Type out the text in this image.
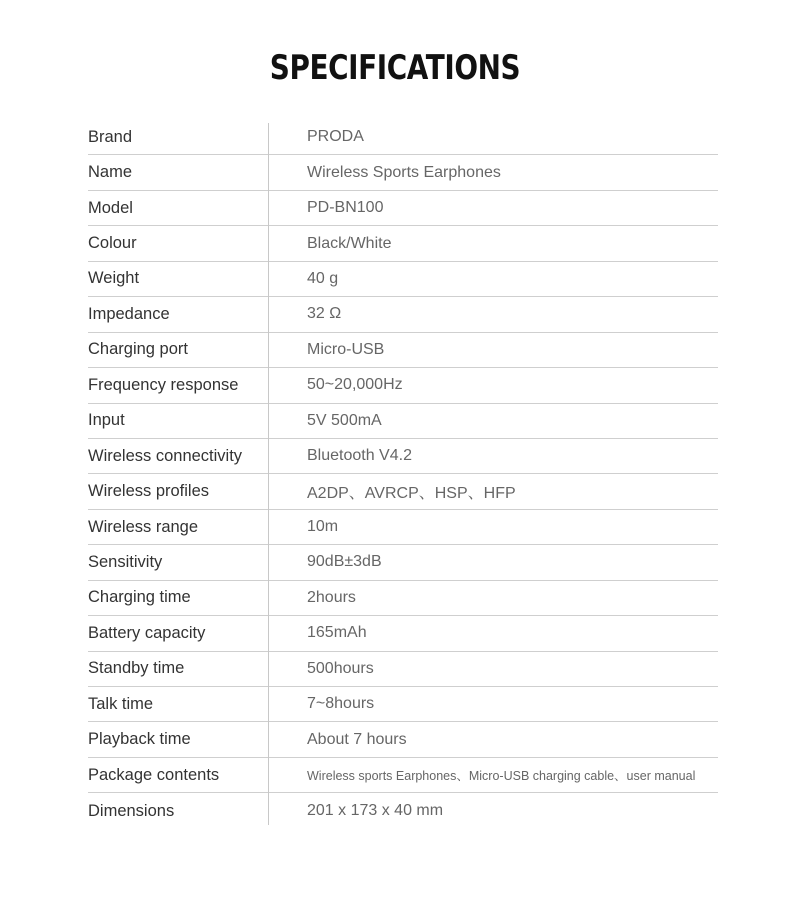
SPECIFICATIONS
Brand	PRODA
Name	Wireless Sports Earphones
Model	PD-BN100
Colour	Black/White
Weight	40 g
Impedance	32 Ω
Charging port	Micro-USB
Frequency response	50~20,000Hz
Input	5V 500mA
Wireless connectivity	Bluetooth V4.2
Wireless profiles	A2DP、AVRCP、HSP、HFP
Wireless range	10m
Sensitivity	90dB±3dB
Charging time	2hours
Battery capacity	165mAh
Standby time	500hours
Talk time	7~8hours
Playback time	About 7 hours
Package contents	Wireless sports Earphones、Micro-USB charging cable、user manual
Dimensions	201 x 173 x 40 mm
